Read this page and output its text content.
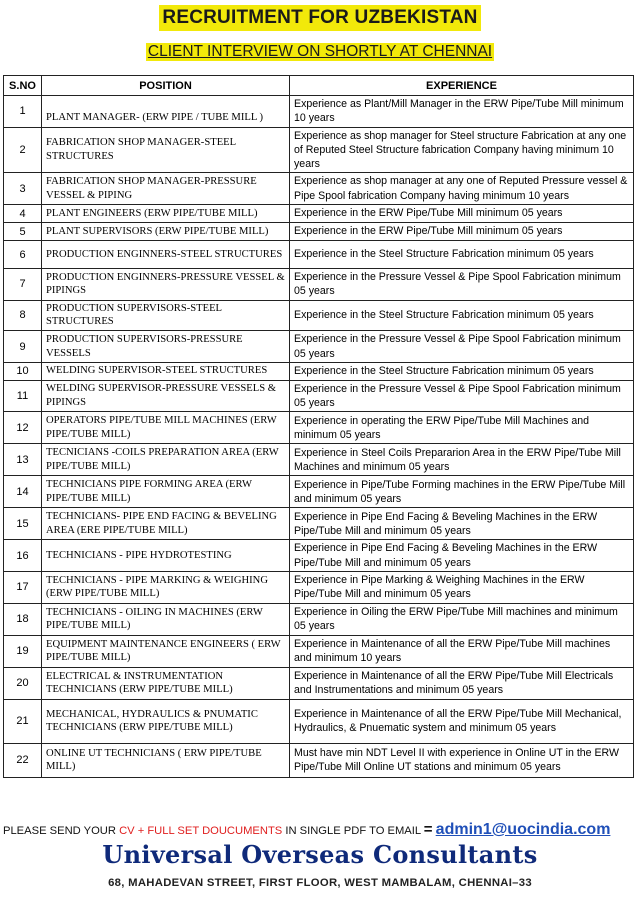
RECRUITMENT FOR UZBEKISTAN
CLIENT INTERVIEW ON SHORTLY AT CHENNAI
S.NO	POSITION	EXPERIENCE
1	PLANT MANAGER- (ERW PIPE / TUBE MILL )	Experience as Plant/Mill Manager in the ERW Pipe/Tube Mill minimum 10 years
2	FABRICATION SHOP MANAGER-STEEL STRUCTURES	Experience as shop manager for Steel structure Fabrication at any one of Reputed Steel Structure fabrication Company having minimum 10 years
3	FABRICATION SHOP MANAGER-PRESSURE VESSEL & PIPING	Experience as shop manager at any one of Reputed Pressure vessel & Pipe Spool fabrication Company having minimum 10 years
4	PLANT ENGINEERS (ERW PIPE/TUBE MILL)	Experience in the ERW Pipe/Tube Mill minimum 05 years
5	PLANT SUPERVISORS (ERW PIPE/TUBE MILL)	Experience in the ERW Pipe/Tube Mill minimum 05 years
6	PRODUCTION ENGINNERS-STEEL STRUCTURES	Experience in the Steel Structure Fabrication minimum 05 years
7	PRODUCTION ENGINNERS-PRESSURE VESSEL & PIPINGS	Experience in the Pressure Vessel & Pipe Spool Fabrication minimum 05 years
8	PRODUCTION SUPERVISORS-STEEL STRUCTURES	Experience in the Steel Structure Fabrication minimum 05 years
9	PRODUCTION SUPERVISORS-PRESSURE VESSELS	Experience in the Pressure Vessel & Pipe Spool Fabrication minimum 05 years
10	WELDING SUPERVISOR-STEEL STRUCTURES	Experience in the Steel Structure Fabrication minimum 05 years
11	WELDING SUPERVISOR-PRESSURE VESSELS & PIPINGS	Experience in the Pressure Vessel & Pipe Spool Fabrication minimum 05 years
12	OPERATORS PIPE/TUBE MILL MACHINES (ERW PIPE/TUBE MILL)	Experience in operating the ERW Pipe/Tube Mill Machines and minimum 05 years
13	TECNICIANS -COILS PREPARATION AREA (ERW PIPE/TUBE MILL)	Experience in Steel Coils Prepararion Area in the ERW Pipe/Tube Mill Machines and minimum 05 years
14	TECHNICIANS PIPE FORMING AREA (ERW PIPE/TUBE MILL)	Experience in Pipe/Tube Forming machines in the ERW Pipe/Tube Mill and minimum 05 years
15	TECHNICIANS- PIPE END FACING & BEVELING AREA (ERE PIPE/TUBE MILL)	Experience in Pipe End Facing & Beveling Machines in the ERW Pipe/Tube Mill and minimum 05 years
16	TECHNICIANS - PIPE HYDROTESTING	Experience in Pipe End Facing & Beveling Machines in the ERW Pipe/Tube Mill and minimum 05 years
17	TECHNICIANS - PIPE MARKING & WEIGHING (ERW PIPE/TUBE MILL)	Experience in Pipe Marking & Weighing Machines in the ERW Pipe/Tube Mill and minimum 05 years
18	TECHNICIANS - OILING IN MACHINES (ERW PIPE/TUBE MILL)	Experience in Oiling the ERW Pipe/Tube Mill machines and minimum 05 years
19	EQUIPMENT MAINTENANCE ENGINEERS ( ERW PIPE/TUBE MILL)	Experience in Maintenance of all the ERW Pipe/Tube Mill machines and minimum 10 years
20	ELECTRICAL & INSTRUMENTATION TECHNICIANS (ERW PIPE/TUBE MILL)	Experience in Maintenance of all the ERW Pipe/Tube Mill Electricals and Instrumentations and minimum 05 years
21	MECHANICAL, HYDRAULICS & PNUMATIC TECHNICIANS (ERW PIPE/TUBE MILL)	Experience in Maintenance of all the ERW Pipe/Tube Mill Mechanical, Hydraulics, & Pnuematic system and minimum 05 years
22	ONLINE UT TECHNICIANS ( ERW PIPE/TUBE MILL)	Must have min NDT Level II with experience in Online UT in the ERW Pipe/Tube Mill Online UT stations and minimum 05 years
PLEASE SEND YOUR CV + FULL SET DOUCUMENTS IN SINGLE PDF TO EMAIL = admin1@uocindia.com
Universal Overseas Consultants
68, MAHADEVAN STREET, FIRST FLOOR, WEST MAMBALAM, CHENNAI–33
